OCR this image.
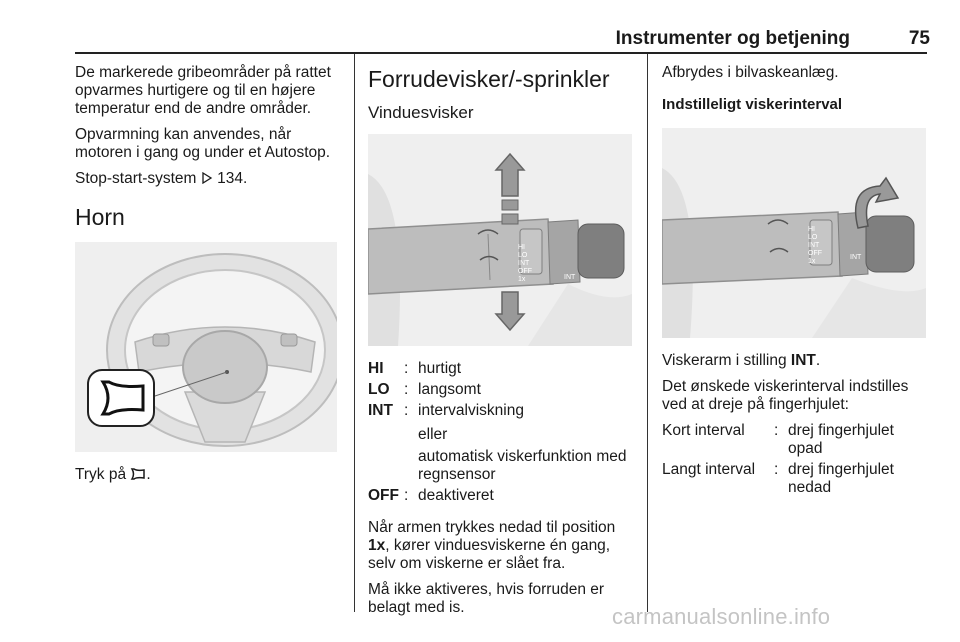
Instrumenter og betjening	75

De markerede gribeområder på rattet opvarmes hurtigere og til en højere temperatur end de andre områder.

Opvarmning kan anvendes, når motoren i gang og under et Autostop.

Stop-start-system 134.

Horn

Tryk på .

Forrudevisker/-sprinkler
Vinduesvisker
HI
LO
INT
OFF
1x	INT
HI	: hurtigt
LO : langsomt
INT : intervalviskning
eller
automatisk viskerfunktion med regnsensor
OFF : deaktiveret

Når armen trykkes nedad til position 1x, kører vinduesviskerne én gang, selv om viskerne er slået fra.

Må ikke aktiveres, hvis forruden er belagt med is.

Afbrydes i bilvaskeanlæg.

Indstilleligt viskerinterval
HI
LO
INT
OFF
1x
INT

Viskerarm i stilling INT.

Det ønskede viskerinterval indstilles ved at dreje på fingerhjulet:

Kort interval	: drej fingerhjulet opad
Langt interval	: drej fingerhjulet nedad
carmanualsonline.info
